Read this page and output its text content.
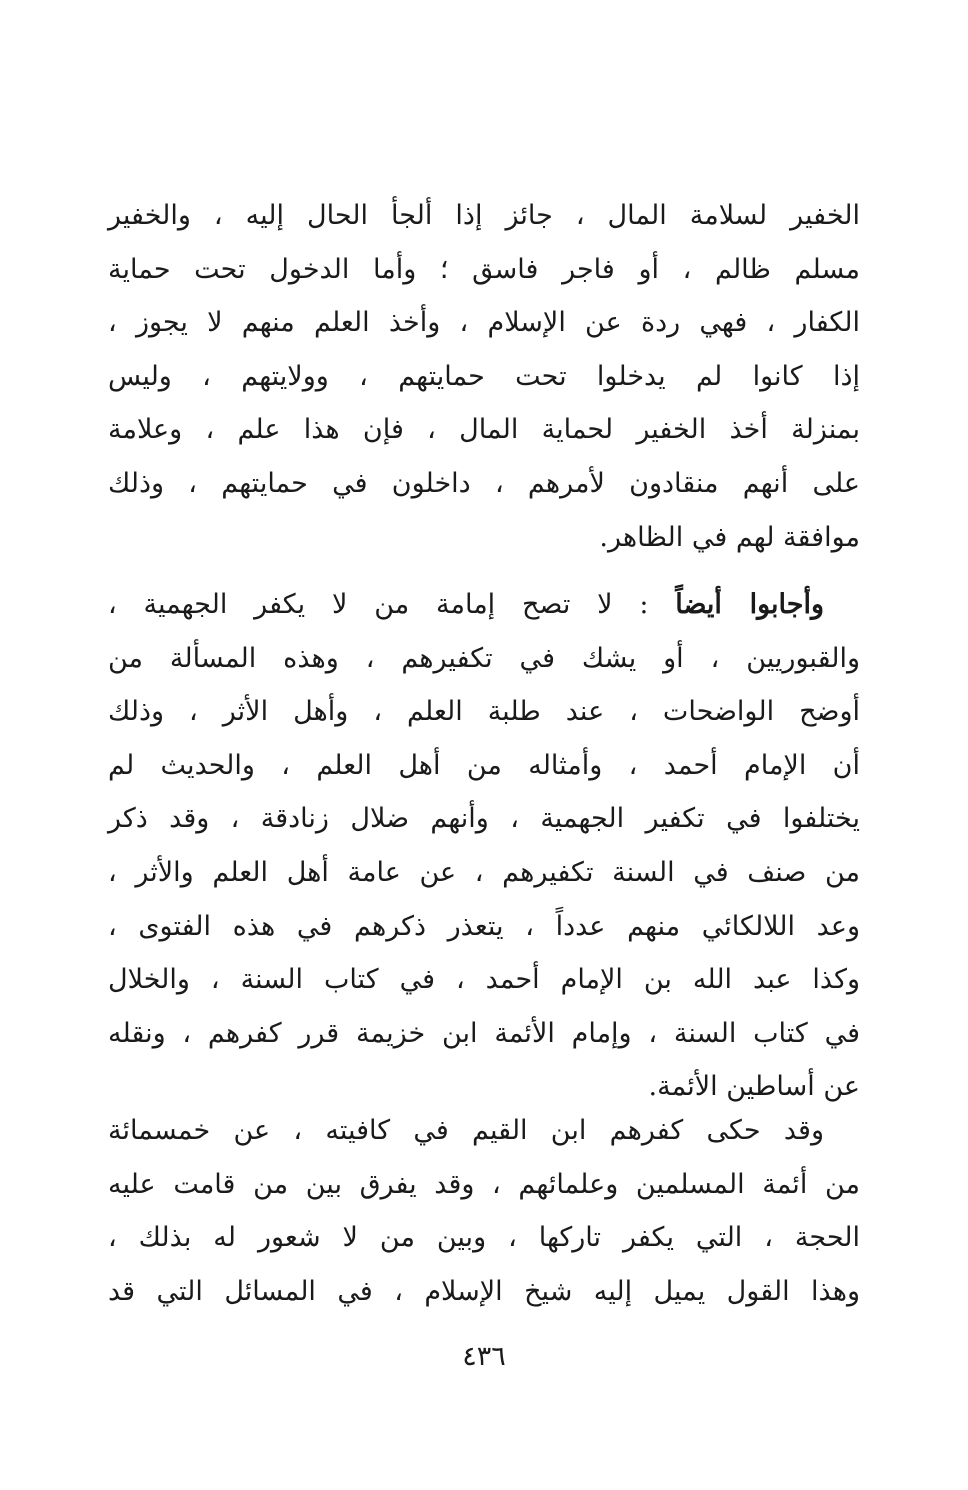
الخفير لسلامة المال ، جائز إذا ألجأ الحال إليه ، والخفير
مسلم ظالم ، أو فاجر فاسق ؛ وأما الدخول تحت حماية
الكفار ، فهي ردة عن الإسلام ، وأخذ العلم منهم لا يجوز ،
إذا كانوا لم يدخلوا تحت حمايتهم ، وولايتهم ، وليس
بمنزلة أخذ الخفير لحماية المال ، فإن هذا علم ، وعلامة
على أنهم منقادون لأمرهم ، داخلون في حمايتهم ، وذلك
موافقة لهم في الظاهر.
وأجابوا أيضاً : لا تصح إمامة من لا يكفر الجهمية ،
والقبوريين ، أو يشك في تكفيرهم ، وهذه المسألة من
أوضح الواضحات ، عند طلبة العلم ، وأهل الأثر ، وذلك
أن الإمام أحمد ، وأمثاله من أهل العلم ، والحديث لم
يختلفوا في تكفير الجهمية ، وأنهم ضلال زنادقة ، وقد ذكر
من صنف في السنة تكفيرهم ، عن عامة أهل العلم والأثر ،
وعد اللالكائي منهم عدداً ، يتعذر ذكرهم في هذه الفتوى ،
وكذا عبد الله بن الإمام أحمد ، في كتاب السنة ، والخلال
في كتاب السنة ، وإمام الأئمة ابن خزيمة قرر كفرهم ، ونقله
عن أساطين الأئمة.
وقد حكى كفرهم ابن القيم في كافيته ، عن خمسمائة
من أئمة المسلمين وعلمائهم ، وقد يفرق بين من قامت عليه
الحجة ، التي يكفر تاركها ، وبين من لا شعور له بذلك ،
وهذا القول يميل إليه شيخ الإسلام ، في المسائل التي قد
٤٣٦
